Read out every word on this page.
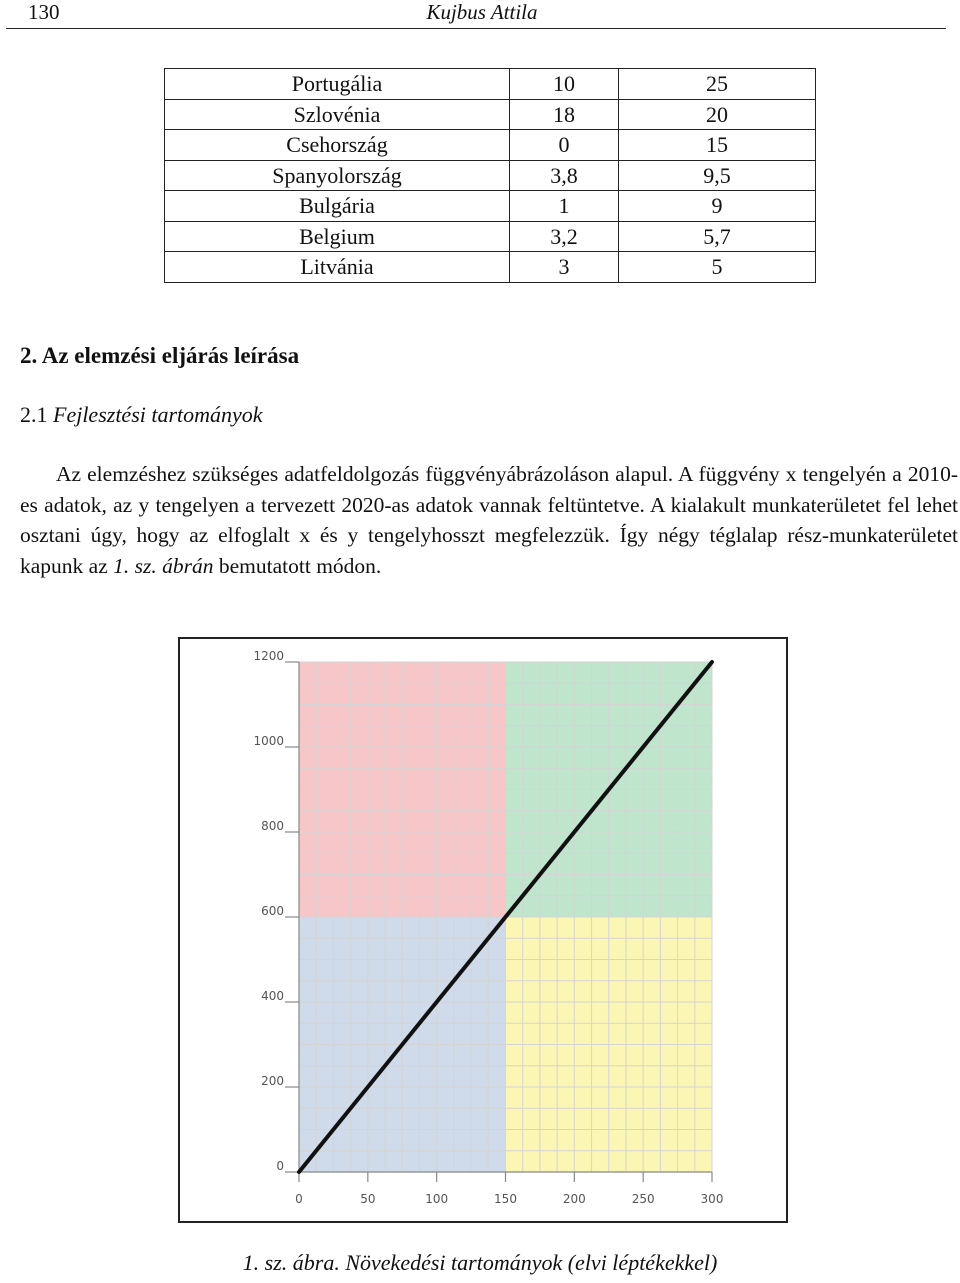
130	Kujbus Attila
Portugália	10	25
Szlovénia	18	20
Csehország	0	15
Spanyolország	3,8	9,5
Bulgária	1	9
Belgium	3,2	5,7
Litvánia	3	5
2. Az elemzési eljárás leírása
2.1 Fejlesztési tartományok

Az elemzéshez szükséges adatfeldolgozás függvényábrázoláson alapul. A függvény x tengelyén a 2010-es adatok, az y tengelyen a tervezett 2020-as adatok vannak feltüntetve. A kialakult munkaterületet fel lehet osztani úgy, hogy az elfoglalt x és y tengelyhosszt megfelezzük. Így négy téglalap rész-munkaterületet kapunk az 1. sz. ábrán bemutatott módon.

0
200
400
600
800
1000
1200
0	50	100	150	200	250	300
1. sz. ábra. Növekedési tartományok (elvi léptékekkel)
